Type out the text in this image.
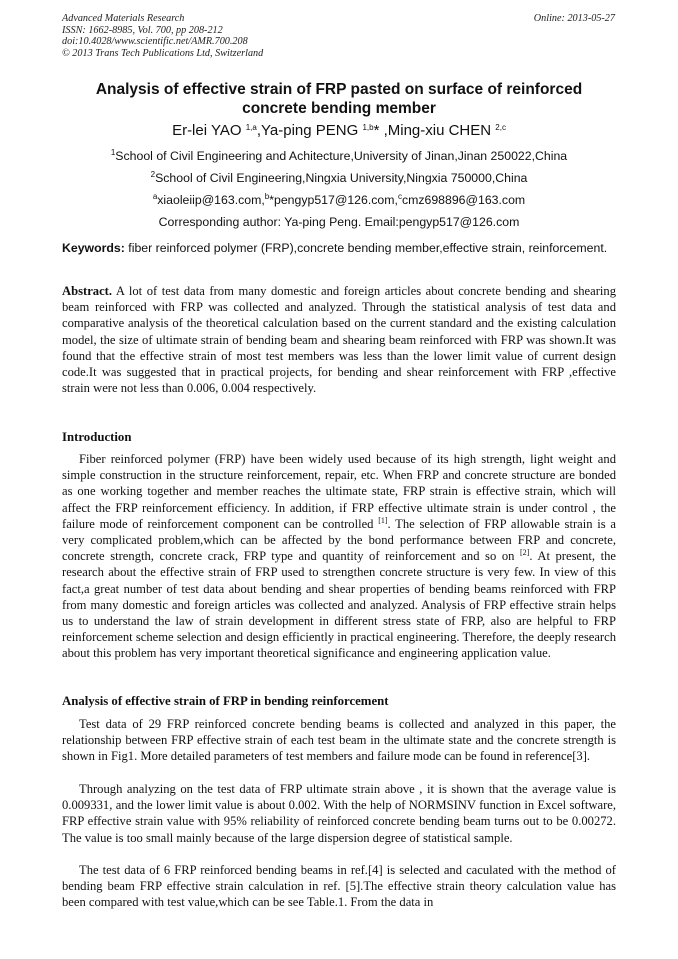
Advanced Materials Research
ISSN: 1662-8985, Vol. 700, pp 208-212
doi:10.4028/www.scientific.net/AMR.700.208
© 2013 Trans Tech Publications Ltd, Switzerland
Online: 2013-05-27
Analysis of effective strain of FRP pasted on surface of reinforced concrete bending member
Er-lei YAO $^{1,a}$,Ya-ping PENG $^{1,b}$* ,Ming-xiu CHEN $^{2,c}$
$^1$School of Civil Engineering and Achitecture,University of Jinan,Jinan 250022,China
$^2$School of Civil Engineering,Ningxia University,Ningxia 750000,China
$^a$xiaoleiip@163.com,$^b$*pengyp517@126.com,$^c$cmz698896@163.com
Corresponding author: Ya-ping Peng. Email:pengyp517@126.com
Keywords: fiber reinforced polymer (FRP),concrete bending member,effective strain, reinforcement.
Abstract. A lot of test data from many domestic and foreign articles about concrete bending and shearing beam reinforced with FRP was collected and analyzed. Through the statistical analysis of test data and comparative analysis of the theoretical calculation based on the current standard and the existing calculation model, the size of ultimate strain of bending beam and shearing beam reinforced with FRP was shown.It was found that the effective strain of most test members was less than the lower limit value of current design code.It was suggested that in practical projects, for bending and shear reinforcement with FRP ,effective strain were not less than 0.006, 0.004 respectively.
Introduction
Fiber reinforced polymer (FRP) have been widely used because of its high strength, light weight and simple construction in the structure reinforcement, repair, etc. When FRP and concrete structure are bonded as one working together and member reaches the ultimate state, FRP strain is effective strain, which will affect the FRP reinforcement efficiency. In addition, if FRP effective ultimate strain is under control , the failure mode of reinforcement component can be controlled [1]. The selection of FRP allowable strain is a very complicated problem,which can be affected by the bond performance between FRP and concrete, concrete strength, concrete crack, FRP type and quantity of reinforcement and so on [2]. At present, the research about the effective strain of FRP used to strengthen concrete structure is very few. In view of this fact,a great number of test data about bending and shear properties of bending beams reinforced with FRP from many domestic and foreign articles was collected and analyzed. Analysis of FRP effective strain helps us to understand the law of strain development in different stress state of FRP, also are helpful to FRP reinforcement scheme selection and design efficiently in practical engineering. Therefore, the deeply research about this problem has very important theoretical significance and engineering application value.
Analysis of effective strain of FRP in bending reinforcement
Test data of 29 FRP reinforced concrete bending beams is collected and analyzed in this paper, the relationship between FRP effective strain of each test beam in the ultimate state and the concrete strength is shown in Fig1. More detailed parameters of test members and failure mode can be found in reference[3].
Through analyzing on the test data of FRP ultimate strain above , it is shown that the average value is 0.009331, and the lower limit value is about 0.002. With the help of NORMSINV function in Excel software, FRP effective strain value with 95% reliability of reinforced concrete bending beam turns out to be 0.00272. The value is too small mainly because of the large dispersion degree of statistical sample.
The test data of 6 FRP reinforced bending beams in ref.[4] is selected and caculated with the method of bending beam FRP effective strain calculation in ref. [5].The effective strain theory calculation value has been compared with test value,which can be see Table.1. From the data in
